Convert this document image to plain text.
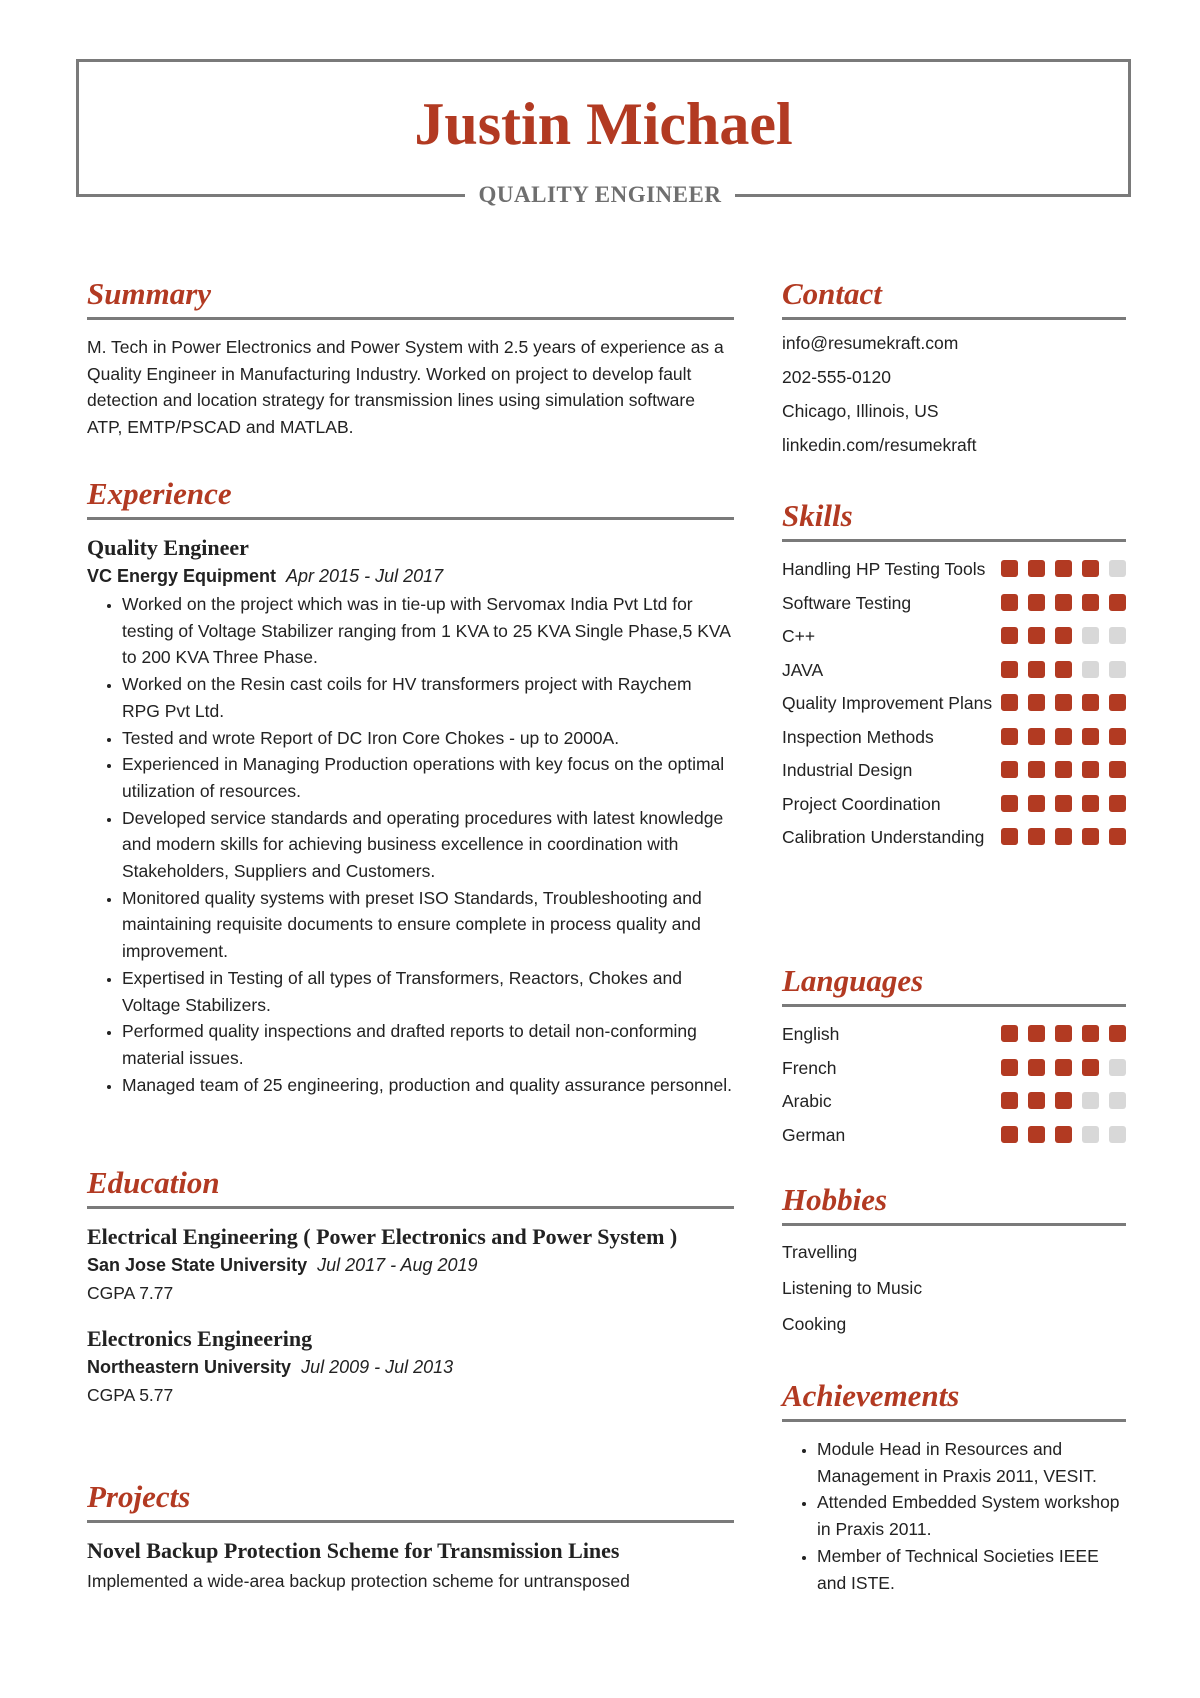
Justin Michael
QUALITY ENGINEER
Summary
M. Tech in Power Electronics and Power System with 2.5 years of experience as a Quality Engineer in Manufacturing Industry. Worked on project to develop fault detection and location strategy for transmission lines using simulation software ATP, EMTP/PSCAD and MATLAB.
Experience
Quality Engineer
VC Energy Equipment Apr 2015 - Jul 2017
• Worked on the project which was in tie-up with Servomax India Pvt Ltd for testing of Voltage Stabilizer ranging from 1 KVA to 25 KVA Single Phase,5 KVA to 200 KVA Three Phase.
• Worked on the Resin cast coils for HV transformers project with Raychem RPG Pvt Ltd.
• Tested and wrote Report of DC Iron Core Chokes - up to 2000A.
• Experienced in Managing Production operations with key focus on the optimal utilization of resources.
• Developed service standards and operating procedures with latest knowledge and modern skills for achieving business excellence in coordination with Stakeholders, Suppliers and Customers.
• Monitored quality systems with preset ISO Standards, Troubleshooting and maintaining requisite documents to ensure complete in process quality and improvement.
• Expertised in Testing of all types of Transformers, Reactors, Chokes and Voltage Stabilizers.
• Performed quality inspections and drafted reports to detail non-conforming material issues.
• Managed team of 25 engineering, production and quality assurance personnel.
Education
Electrical Engineering ( Power Electronics and Power System )
San Jose State University Jul 2017 - Aug 2019
CGPA 7.77
Electronics Engineering
Northeastern University Jul 2009 - Jul 2013
CGPA 5.77
Projects
Novel Backup Protection Scheme for Transmission Lines
Implemented a wide-area backup protection scheme for untransposed
Contact
info@resumekraft.com
202-555-0120
Chicago, Illinois, US
linkedin.com/resumekraft
Skills
Handling HP Testing Tools
Software Testing
C++
JAVA
Quality Improvement Plans
Inspection Methods
Industrial Design
Project Coordination
Calibration Understanding
Languages
English
French
Arabic
German
Hobbies
Travelling
Listening to Music
Cooking
Achievements
• Module Head in Resources and Management in Praxis 2011, VESIT.
• Attended Embedded System workshop in Praxis 2011.
• Member of Technical Societies IEEE and ISTE.
